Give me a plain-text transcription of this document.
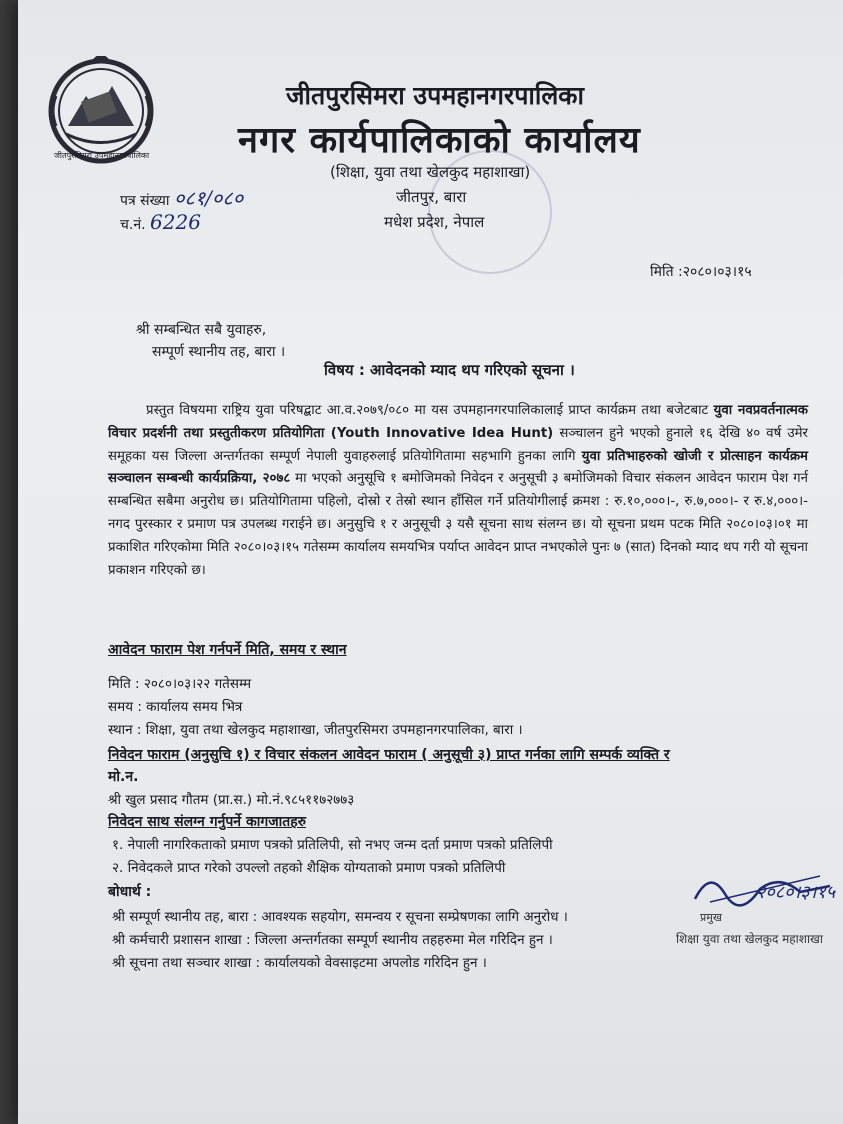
जीतपुरसिमरा उपमहानगरपालिका
जीतपुरसिमरा उपमहानगरपालिका
नगर कार्यपालिकाको कार्यालय
(शिक्षा, युवा तथा खेलकुद महाशाखा)
जीतपुर, बारा
मधेश प्रदेश, नेपाल
पत्र संख्या ०८१/०८०
च.नं. 6226
मिति :२०८०।०३।१५
श्री सम्बन्धित सबै युवाहरु,
सम्पूर्ण स्थानीय तह, बारा ।
विषय : आवेदनको म्याद थप गरिएको सूचना ।
प्रस्तुत विषयमा राष्ट्रिय युवा परिषद्बाट आ.व.२०७९/०८० मा यस उपमहानगरपालिकालाई प्राप्त कार्यक्रम तथा बजेटबाट युवा नवप्रवर्तनात्मक विचार प्रदर्शनी तथा प्रस्तुतीकरण प्रतियोगिता (Youth Innovative Idea Hunt) सञ्चालन हुने भएको हुनाले १६ देखि ४० वर्ष उमेर समूहका यस जिल्ला अन्तर्गतका सम्पूर्ण नेपाली युवाहरुलाई प्रतियोगितामा सहभागि हुनका लागि युवा प्रतिभाहरुको खोजी र प्रोत्साहन कार्यक्रम सञ्चालन सम्बन्धी कार्यप्रक्रिया, २०७८ मा भएको अनुसूचि १ बमोजिमको निवेदन र अनुसूची ३ बमोजिमको विचार संकलन आवेदन फाराम पेश गर्न सम्बन्धित सबैमा अनुरोध छ। प्रतियोगितामा पहिलो, दोस्रो र तेस्रो स्थान हाँसिल गर्ने प्रतियोगीलाई क्रमश : रु.१०,०००।-, रु.७,०००।- र रु.४,०००।- नगद पुरस्कार र प्रमाण पत्र उपलब्ध गराईने छ। अनुसुचि १ र अनुसूची ३ यसै सूचना साथ संलग्न छ। यो सूचना प्रथम पटक मिति २०८०।०३।०१ मा प्रकाशित गरिएकोमा मिति २०८०।०३।१५ गतेसम्म कार्यालय समयभित्र पर्याप्त आवेदन प्राप्त नभएकोले पुनः ७ (सात) दिनको म्याद थप गरी यो सूचना प्रकाशन गरिएको छ।
आवेदन फाराम पेश गर्नपर्ने मिति, समय र स्थान
मिति : २०८०।०३।२२ गतेसम्म
समय : कार्यालय समय भित्र
स्थान : शिक्षा, युवा तथा खेलकुद महाशाखा, जीतपुरसिमरा उपमहानगरपालिका, बारा ।
निवेदन फाराम (अनुसुचि १) र विचार संकलन आवेदन फाराम ( अनुसूची ३) प्राप्त गर्नका लागि सम्पर्क व्यक्ति र
मो.न.
श्री खुल प्रसाद गौतम (प्रा.स.) मो.नं.९८५११७२७७३
निवेदन साथ संलग्न गर्नुपर्ने कागजातहरु
१. नेपाली नागरिकताको प्रमाण पत्रको प्रतिलिपी, सो नभए जन्म दर्ता प्रमाण पत्रको प्रतिलिपी
२. निवेदकले प्राप्त गरेको उपल्लो तहको शैक्षिक योग्यताको प्रमाण पत्रको प्रतिलिपी
बोधार्थ :
श्री सम्पूर्ण स्थानीय तह, बारा : आवश्यक सहयोग, समन्वय र सूचना सम्प्रेषणका लागि अनुरोध ।
श्री कर्मचारी प्रशासन शाखा : जिल्ला अन्तर्गतका सम्पूर्ण स्थानीय तहहरुमा मेल गरिदिन हुन ।
श्री सूचना तथा सञ्चार शाखा : कार्यालयको वेवसाइटमा अपलोड गरिदिन हुन ।
२०८०।३।१५
प्रमुख
शिक्षा युवा तथा खेलकुद महाशाखा
